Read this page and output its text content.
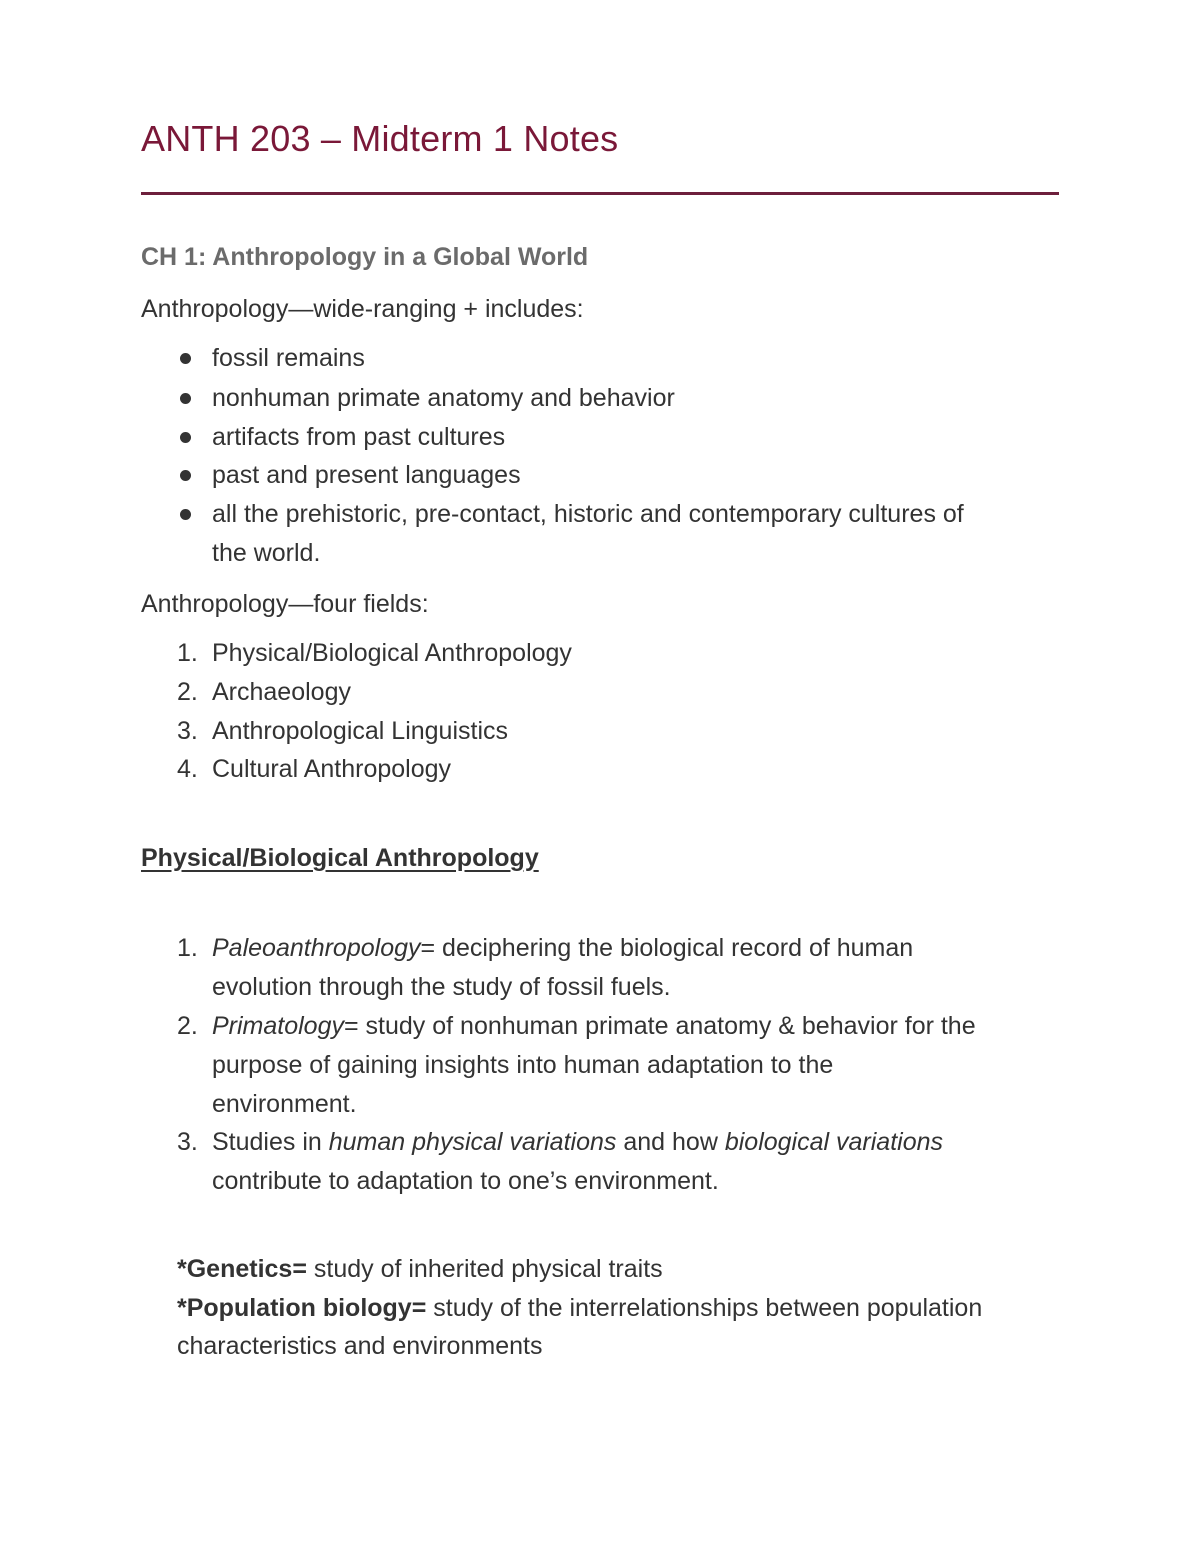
ANTH 203 – Midterm 1 Notes
CH 1: Anthropology in a Global World
Anthropology—wide-ranging + includes:
fossil remains
nonhuman primate anatomy and behavior
artifacts from past cultures
past and present languages
all the prehistoric, pre-contact, historic and contemporary cultures of
the world.
Anthropology—four fields:
1. Physical/Biological Anthropology
2. Archaeology
3. Anthropological Linguistics
4. Cultural Anthropology
Physical/Biological Anthropology
1. Paleoanthropology= deciphering the biological record of human
evolution through the study of fossil fuels.
2. Primatology= study of nonhuman primate anatomy & behavior for the
purpose of gaining insights into human adaptation to the
environment.
3. Studies in human physical variations and how biological variations
contribute to adaptation to one’s environment.
*Genetics= study of inherited physical traits
*Population biology= study of the interrelationships between population
characteristics and environments
